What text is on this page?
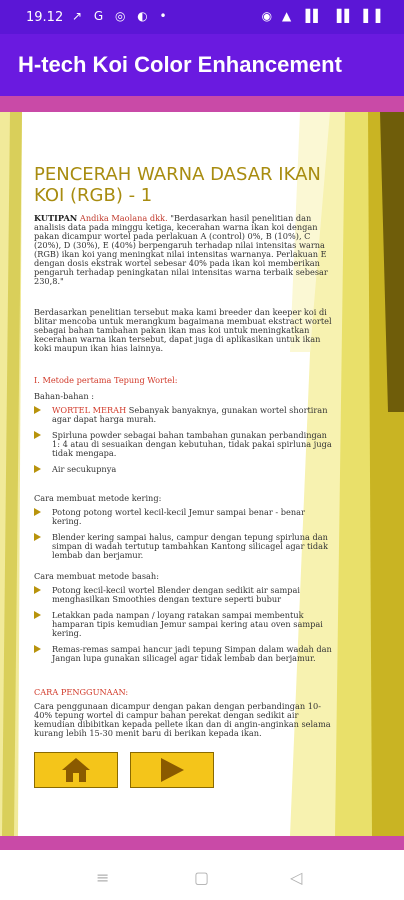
19.12 ↗ G ◎ ◐ •	◉ ▲ ▐▌ ▐▌ ▌▌
H-tech Koi Color Enhancement
PENCERAH WARNA DASAR IKAN KOI (RGB) - 1
KUTIPAN Andika Maolana dkk. "Berdasarkan hasil penelitian dan analisis data pada minggu ketiga, kecerahan warna ikan koi dengan pakan dicampur wortel pada perlakuan A (control) 0%, B (10%), C (20%), D (30%), E (40%) berpengaruh terhadap nilai intensitas warna (RGB) ikan koi yang meningkat nilai intensitas warnanya. Perlakuan E dengan dosis ekstrak wortel sebesar 40% pada ikan koi memberikan pengaruh terhadap peningkatan nilai intensitas warna terbaik sebesar 230,8."
Berdasarkan penelitian tersebut maka kami breeder dan keeper koi di blitar mencoba untuk merangkum bagaimana membuat ekstract wortel sebagai bahan tambahan pakan ikan mas koi untuk meningkatkan kecerahan warna ikan tersebut, dapat juga di aplikasikan untuk ikan koki maupun ikan hias lainnya.
I. Metode pertama Tepung Wortel:
Bahan-bahan :
WORTEL MERAH Sebanyak banyaknya, gunakan wortel shortiran agar dapat harga murah.
Spirluna powder sebagai bahan tambahan gunakan perbandingan 1: 4 atau di sesuaikan dengan kebutuhan, tidak pakai spirluna juga tidak mengapa.
Air secukupnya
Cara membuat metode kering:
Potong potong wortel kecil-kecil Jemur sampai benar - benar kering.
Blender kering sampai halus, campur dengan tepung spirluna dan simpan di wadah tertutup tambahkan Kantong silicagel agar tidak lembab dan berjamur.
Cara membuat metode basah:
Potong kecil-kecil wortel Blender dengan sedikit air sampai menghasilkan Smoothies dengan texture seperti bubur
Letakkan pada nampan / loyang ratakan sampai membentuk hamparan tipis kemudian Jemur sampai kering atau oven sampai kering.
Remas-remas sampai hancur jadi tepung Simpan dalam wadah dan Jangan lupa gunakan silicagel agar tidak lembab dan berjamur.
CARA PENGGUNAAN:
Cara penggunaan dicampur dengan pakan dengan perbandingan 10-40% tepung wortel di campur bahan perekat dengan sedikit air kemudian dibibitkan kepada pellete ikan dan di angin-anginkan selama kurang lebih 15-30 menit baru di berikan kepada ikan.
≡	▢	◁
